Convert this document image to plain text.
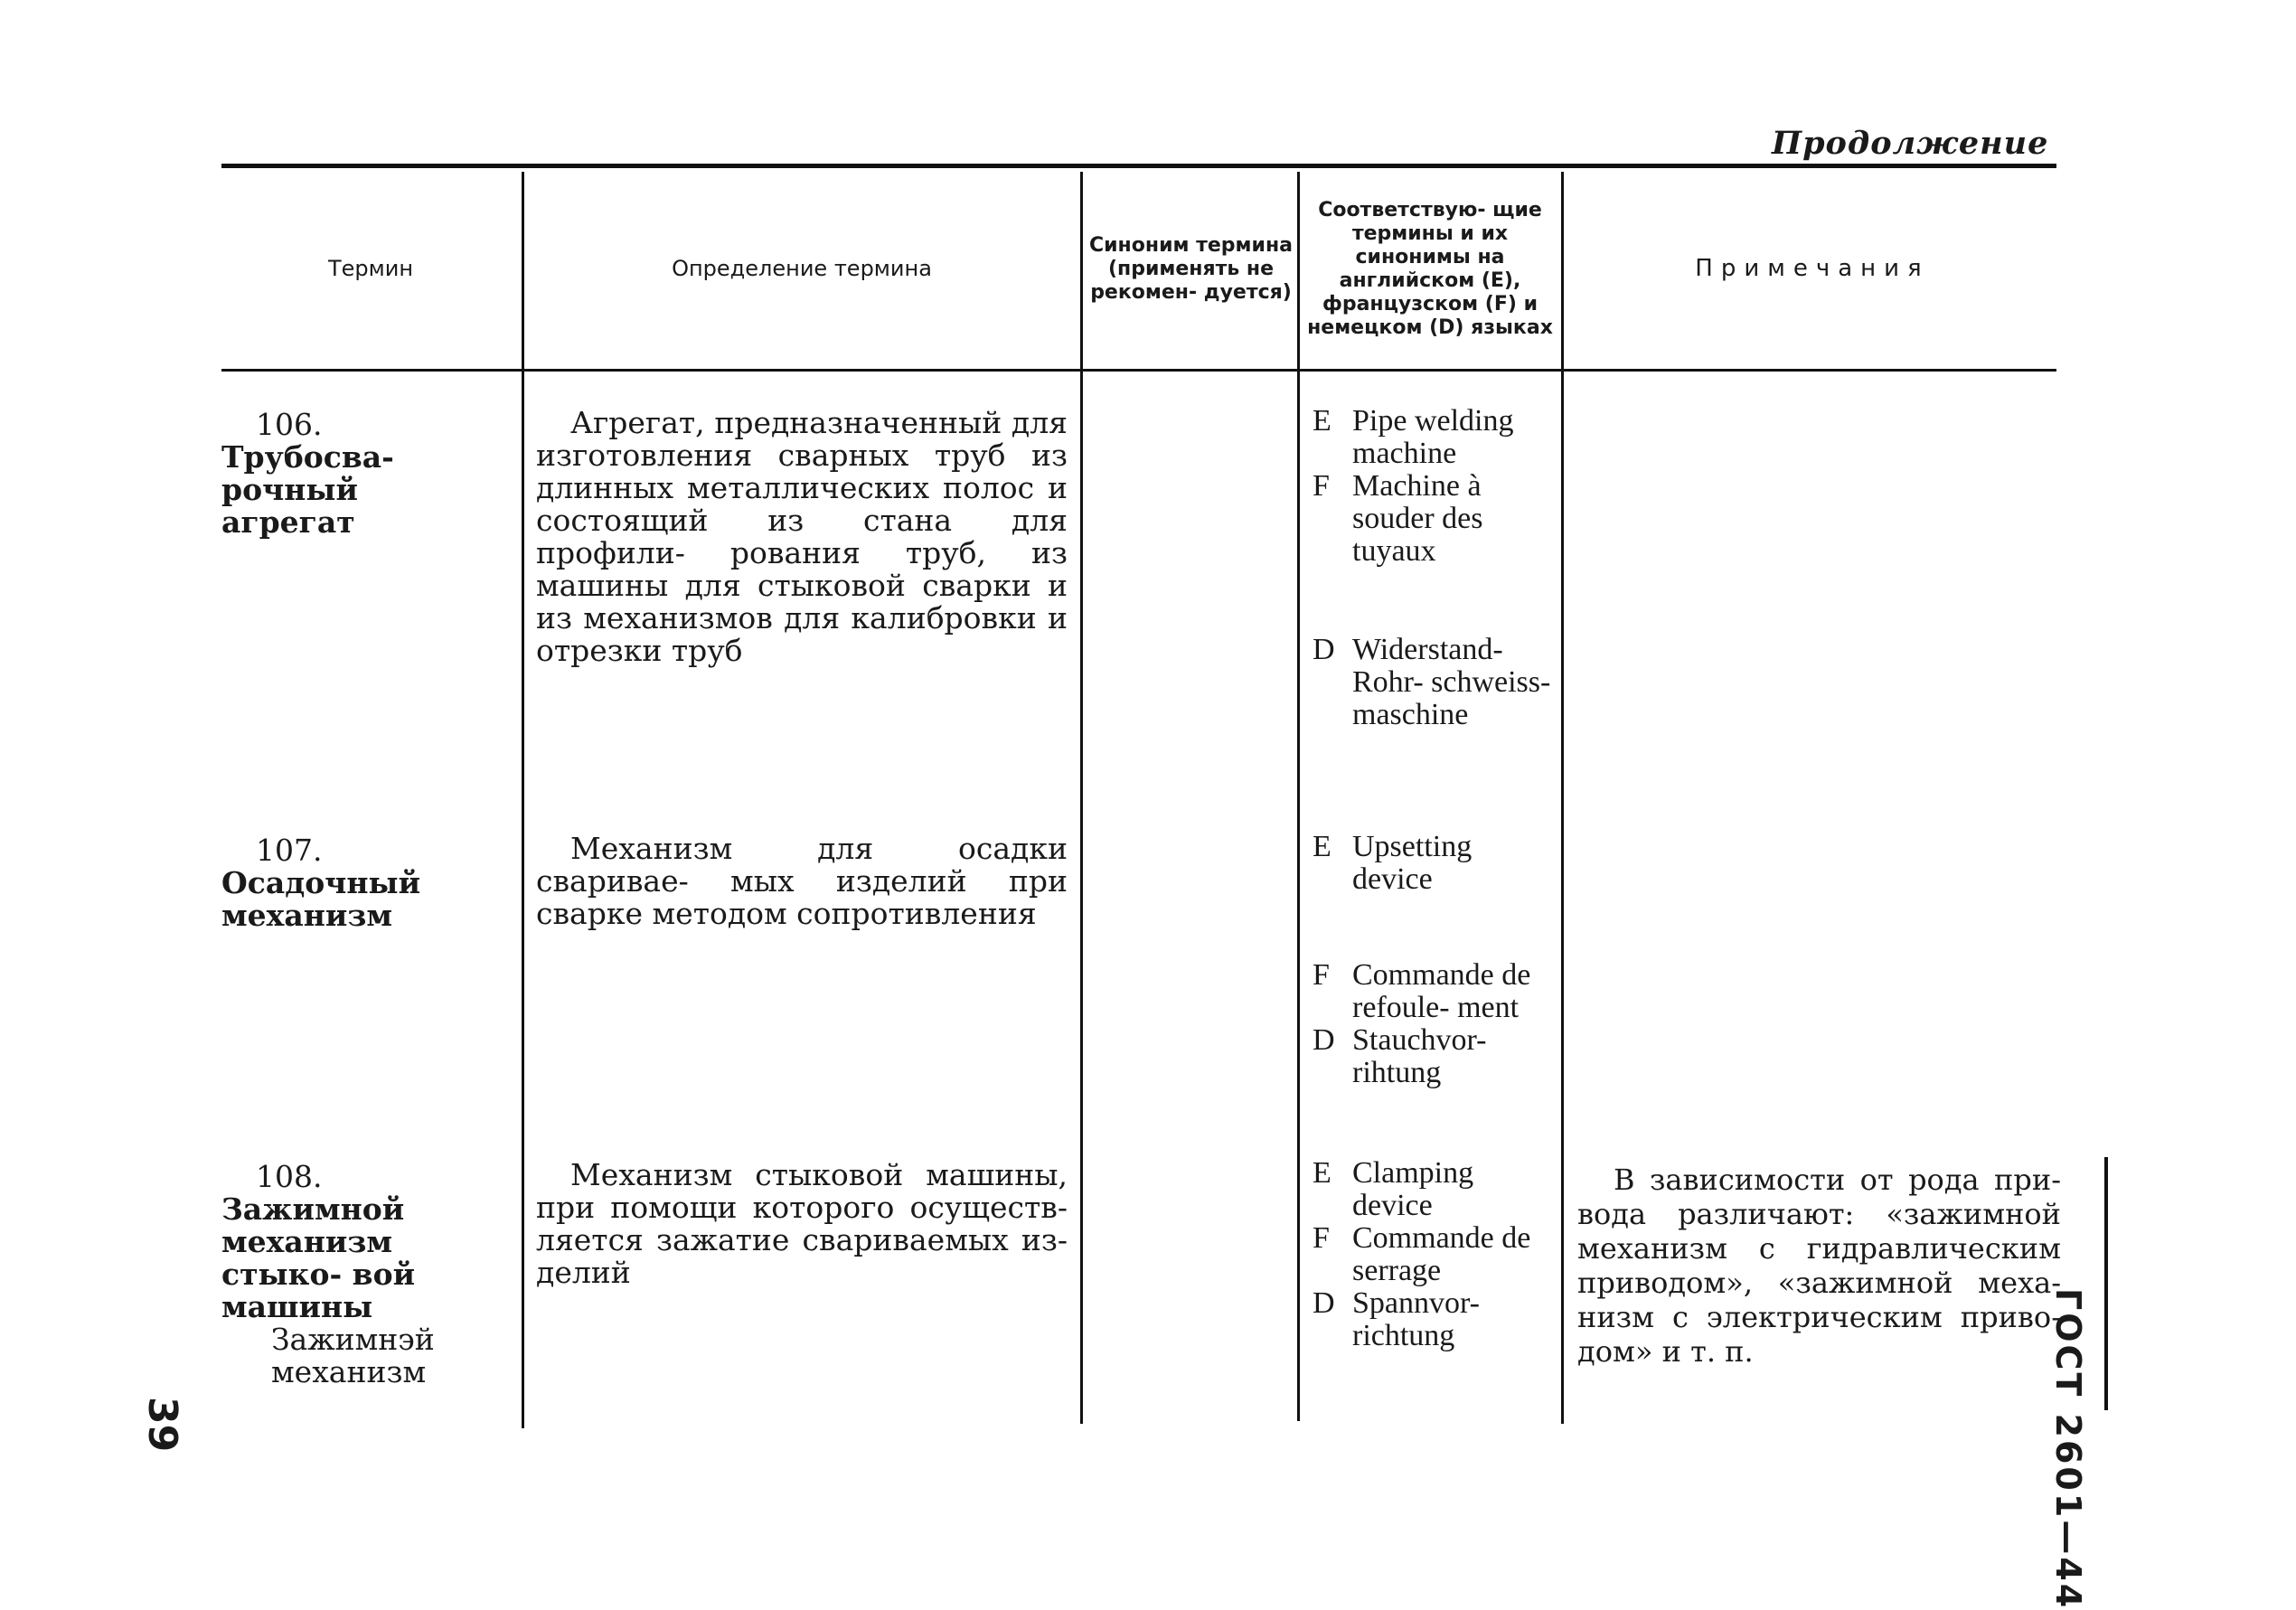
Продолжение
Термин	Определение термина
Синоним термина (применять не рекомен- дуется)
Соответствую- щие термины и их синонимы на английском (E), французском (F) и немецком (D) языках
Примечания
106. Трубосва- рочный агрегат
Агрегат, предназначенный для изготовления сварных труб из длинных металлических полос и состоящий из стана для профили- рования труб, из машины для стыковой сварки и из механизмов для калибровки и отрезки труб
E Pipe welding machine
F Machine à souder des tuyaux
D Widerstand- Rohr- schweiss- maschine
107. Осадочный механизм
Механизм для осадки сваривае- мых изделий при сварке методом сопротивления
E Upsetting device
F Commande de refoule- ment
D Stauchvor- rihtung
108. Зажимной механизм стыко- вой машины
Зажимнэй механизм
Механизм стыковой машины, при помощи которого осуществ- ляется зажатие свариваемых из- делий
E Clamping device
F Commande de serrage
D Spannvor- richtung
В зависимости от рода при- вода различают: «зажимной механизм с гидравлическим приводом», «зажимной меха- низм с электрическим приво- дом» и т. п.	ГОСТ 2601—44
39
